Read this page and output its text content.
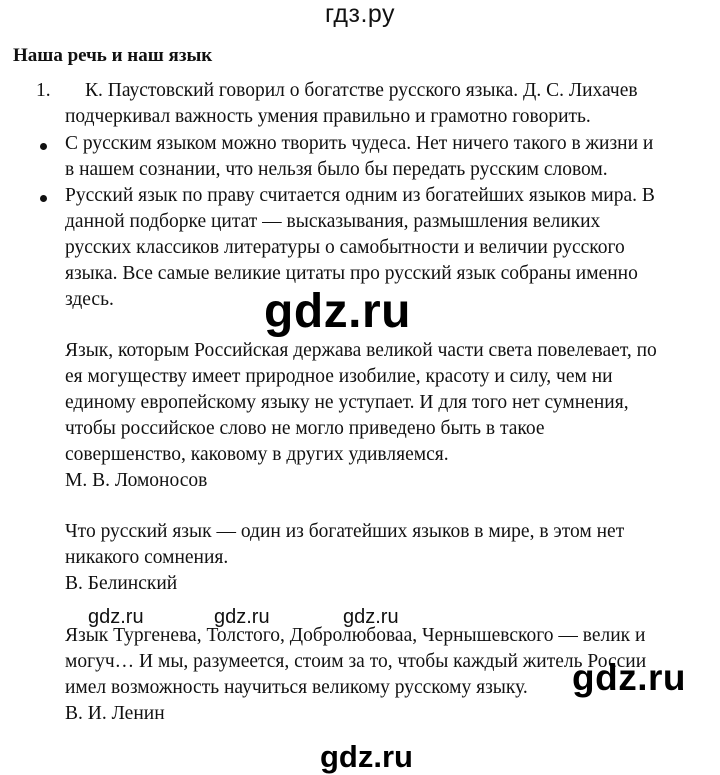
гдз.ру
Наша речь и наш язык
1. К. Паустовский говорил о богатстве русского языка. Д. С. Лихачев
подчеркивал важность умения правильно и грамотно говорить.
С русским языком можно творить чудеса. Нет ничего такого в жизни и
в нашем сознании, что нельзя было бы передать русским словом.
Русский язык по праву считается одним из богатейших языков мира. В
данной подборке цитат — высказывания, размышления великих
русских классиков литературы о самобытности и величии русского
языка. Все самые великие цитаты про русский язык собраны именно
здесь.	gdz.ru
Язык, которым Российская держава великой части света повелевает, по
ея могуществу имеет природное изобилие, красоту и силу, чем ни
единому европейскому языку не уступает. И для того нет сумнения,
чтобы российское слово не могло приведено быть в такое
совершенство, каковому в других удивляемся.
М. В. Ломоносов
Что русский язык — один из богатейших языков в мире, в этом нет
никакого сомнения.
В. Белинский
gdz.ru	gdz.ru	gdz.ru
Язык Тургенева, Толстого, Добролюбоваа, Чернышевского — велик и
могуч… И мы, разумеется, стоим за то, чтобы каждый житель России
имел возможность научиться великому русскому языку.
В. И. Ленин
gdz.ru
gdz.ru
